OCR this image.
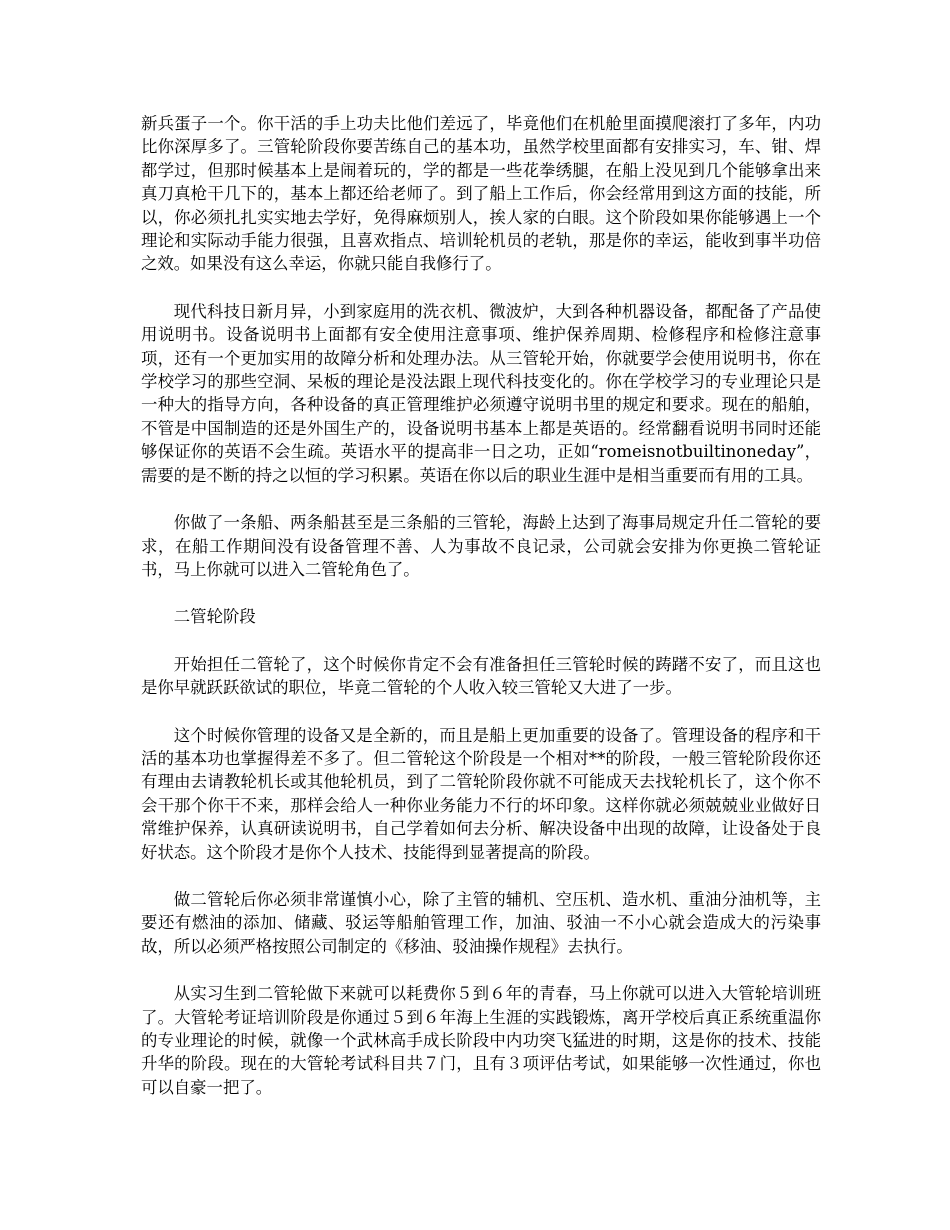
新兵蛋子一个。你干活的手上功夫比他们差远了，毕竟他们在机舱里面摸爬滚打了多年，内功比你深厚多了。三管轮阶段你要苦练自己的基本功，虽然学校里面都有安排实习，车、钳、焊都学过，但那时候基本上是闹着玩的，学的都是一些花拳绣腿，在船上没见到几个能够拿出来真刀真枪干几下的，基本上都还给老师了。到了船上工作后，你会经常用到这方面的技能，所以，你必须扎扎实实地去学好，免得麻烦别人，挨人家的白眼。这个阶段如果你能够遇上一个理论和实际动手能力很强，且喜欢指点、培训轮机员的老轨，那是你的幸运，能收到事半功倍之效。如果没有这么幸运，你就只能自我修行了。

现代科技日新月异，小到家庭用的洗衣机、微波炉，大到各种机器设备，都配备了产品使用说明书。设备说明书上面都有安全使用注意事项、维护保养周期、检修程序和检修注意事项，还有一个更加实用的故障分析和处理办法。从三管轮开始，你就要学会使用说明书，你在学校学习的那些空洞、呆板的理论是没法跟上现代科技变化的。你在学校学习的专业理论只是一种大的指导方向，各种设备的真正管理维护必须遵守说明书里的规定和要求。现在的船舶，不管是中国制造的还是外国生产的，设备说明书基本上都是英语的。经常翻看说明书同时还能够保证你的英语不会生疏。英语水平的提高非一日之功，正如“romeisnotbuiltinoneday”，需要的是不断的持之以恒的学习积累。英语在你以后的职业生涯中是相当重要而有用的工具。

你做了一条船、两条船甚至是三条船的三管轮，海龄上达到了海事局规定升任二管轮的要求，在船工作期间没有设备管理不善、人为事故不良记录，公司就会安排为你更换二管轮证书，马上你就可以进入二管轮角色了。

二管轮阶段

开始担任二管轮了，这个时候你肯定不会有准备担任三管轮时候的踌躇不安了，而且这也是你早就跃跃欲试的职位，毕竟二管轮的个人收入较三管轮又大进了一步。

这个时候你管理的设备又是全新的，而且是船上更加重要的设备了。管理设备的程序和干活的基本功也掌握得差不多了。但二管轮这个阶段是一个相对**的阶段，一般三管轮阶段你还有理由去请教轮机长或其他轮机员，到了二管轮阶段你就不可能成天去找轮机长了，这个你不会干那个你干不来，那样会给人一种你业务能力不行的坏印象。这样你就必须兢兢业业做好日常维护保养，认真研读说明书，自己学着如何去分析、解决设备中出现的故障，让设备处于良好状态。这个阶段才是你个人技术、技能得到显著提高的阶段。

做二管轮后你必须非常谨慎小心，除了主管的辅机、空压机、造水机、重油分油机等，主要还有燃油的添加、储藏、驳运等船舶管理工作，加油、驳油一不小心就会造成大的污染事故，所以必须严格按照公司制定的《移油、驳油操作规程》去执行。

从实习生到二管轮做下来就可以耗费你５到６年的青春，马上你就可以进入大管轮培训班了。大管轮考证培训阶段是你通过５到６年海上生涯的实践锻炼，离开学校后真正系统重温你的专业理论的时候，就像一个武林高手成长阶段中内功突飞猛进的时期，这是你的技术、技能升华的阶段。现在的大管轮考试科目共７门，且有３项评估考试，如果能够一次性通过，你也可以自豪一把了。
